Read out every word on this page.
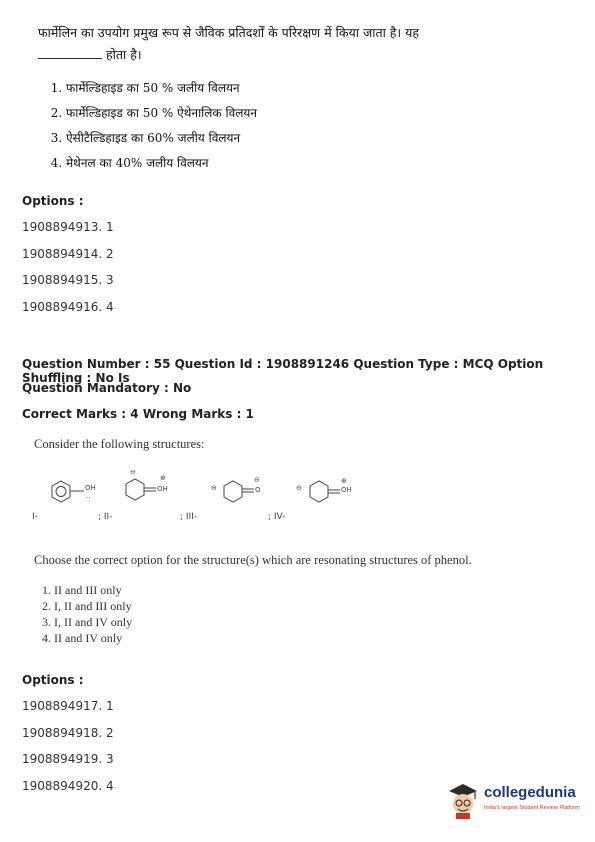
फार्मेलिन का उपयोग प्रमुख रूप से जैविक प्रतिदर्शों के परिरक्षण में किया जाता है। यह
होता है।
1. फार्मेल्डिहाइड का 50 % जलीय विलयन
2. फार्मेल्डिहाइड का 50 % ऐथेनालिक विलयन
3. ऐसीटैल्डिहाइड का 60% जलीय विलयन
4. मेथेनल का 40% जलीय विलयन
Options :
1908894913. 1
1908894914. 2
1908894915. 3
1908894916. 4
Question Number : 55 Question Id : 1908891246 Question Type : MCQ Option Shuffling : No Is
Question Mandatory : No
Correct Marks : 4 Wrong Marks : 1
Consider the following structures:
OH
··
OH
⊖
⊕
O
⊖
⊖
OH
⊖
⊕
I-	; II-	; III-	; IV-
Choose the correct option for the structure(s) which are resonating structures of phenol.
1. II and III only
2. I, II and III only
3. I, II and IV only
4. II and IV only
Options :
1908894917. 1
1908894918. 2
1908894919. 3
1908894920. 4	collegedunia
India's largest Student Review Platform
